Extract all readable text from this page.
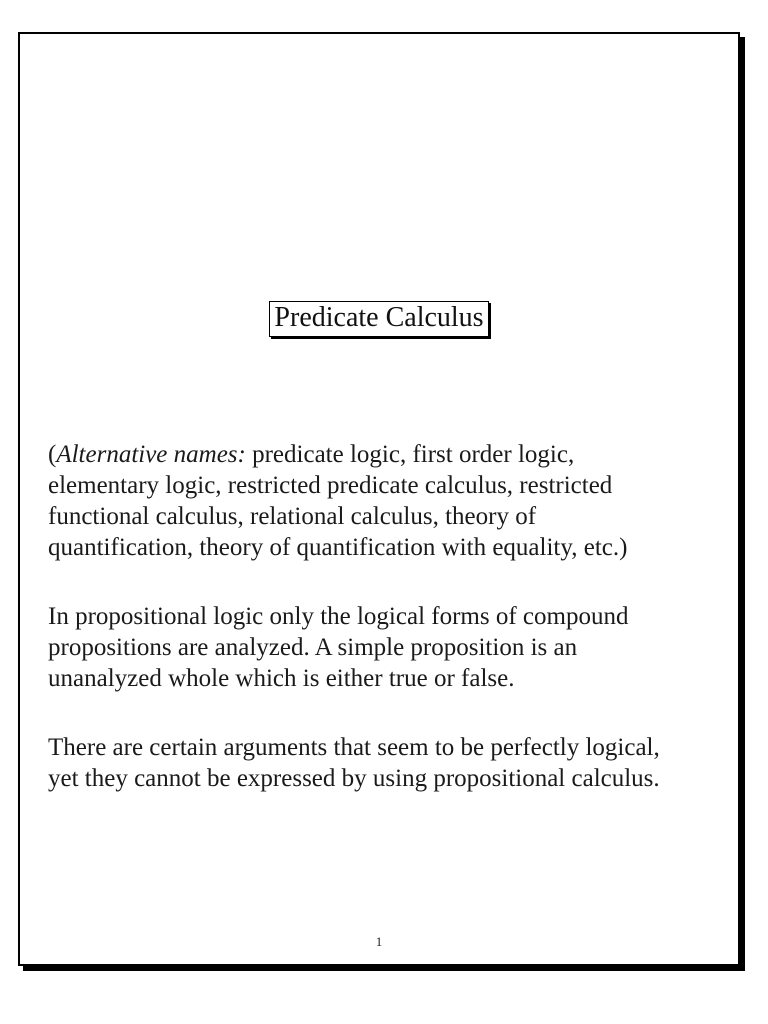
Predicate Calculus

(Alternative names: predicate logic, first order logic,
elementary logic, restricted predicate calculus, restricted
functional calculus, relational calculus, theory of
quantification, theory of quantification with equality, etc.)

In propositional logic only the logical forms of compound
propositions are analyzed. A simple proposition is an
unanalyzed whole which is either true or false.

There are certain arguments that seem to be perfectly logical,
yet they cannot be expressed by using propositional calculus.

1
